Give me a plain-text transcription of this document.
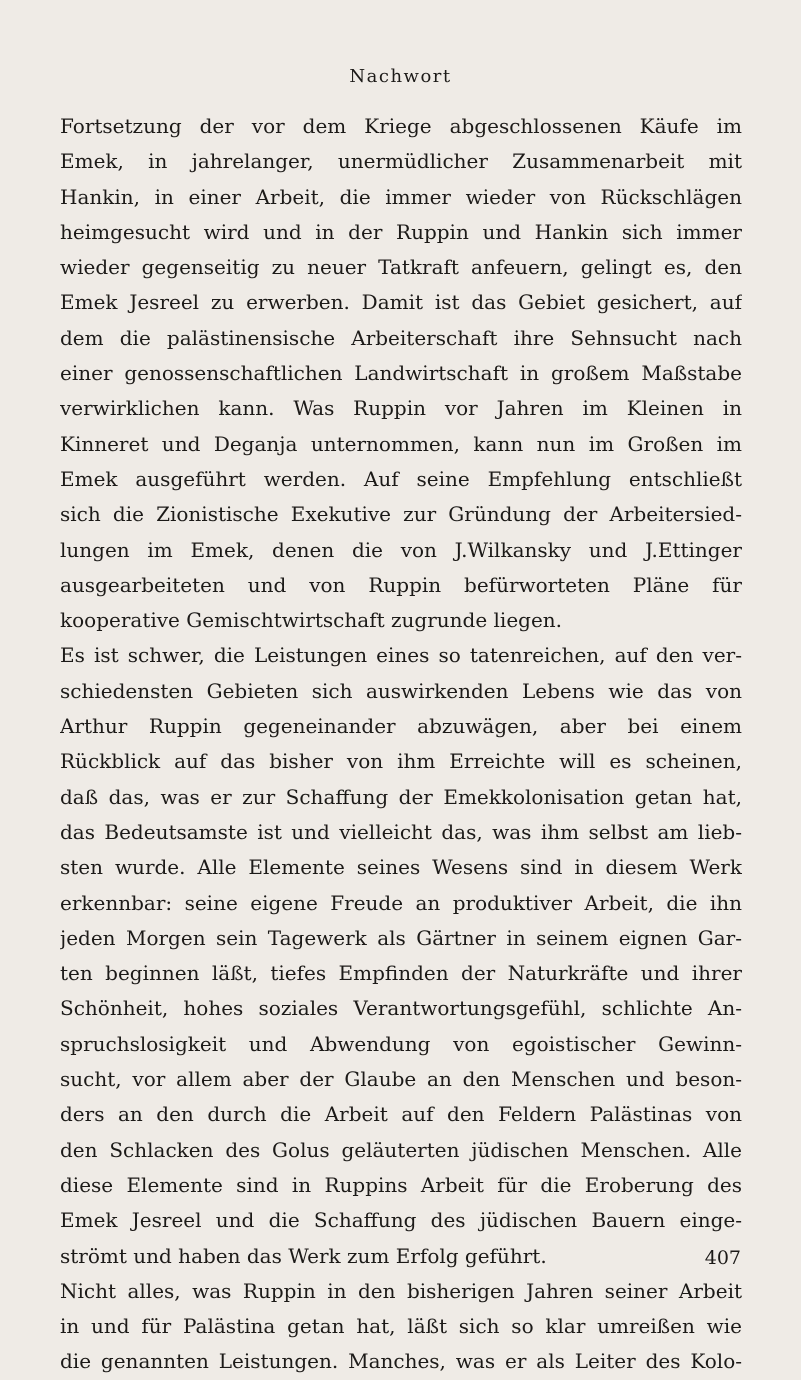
Nachwort
Fortsetzung der vor dem Kriege abgeschlossenen Käufe im
Emek, in jahrelanger, unermüdlicher Zusammenarbeit mit
Hankin, in einer Arbeit, die immer wieder von Rückschlägen
heimgesucht wird und in der Ruppin und Hankin sich immer
wieder gegenseitig zu neuer Tatkraft anfeuern, gelingt es, den
Emek Jesreel zu erwerben. Damit ist das Gebiet gesichert, auf
dem die palästinensische Arbeiterschaft ihre Sehnsucht nach
einer genossenschaftlichen Landwirtschaft in großem Maßstabe
verwirklichen kann. Was Ruppin vor Jahren im Kleinen in
Kinneret und Deganja unternommen, kann nun im Großen im
Emek ausgeführt werden. Auf seine Empfehlung entschließt
sich die Zionistische Exekutive zur Gründung der Arbeitersied-
lungen im Emek, denen die von J.Wilkansky und J.Ettinger
ausgearbeiteten und von Ruppin befürworteten Pläne für
kooperative Gemischtwirtschaft zugrunde liegen.
Es ist schwer, die Leistungen eines so tatenreichen, auf den ver-
schiedensten Gebieten sich auswirkenden Lebens wie das von
Arthur Ruppin gegeneinander abzuwägen, aber bei einem
Rückblick auf das bisher von ihm Erreichte will es scheinen,
daß das, was er zur Schaffung der Emekkolonisation getan hat,
das Bedeutsamste ist und vielleicht das, was ihm selbst am lieb-
sten wurde. Alle Elemente seines Wesens sind in diesem Werk
erkennbar: seine eigene Freude an produktiver Arbeit, die ihn
jeden Morgen sein Tagewerk als Gärtner in seinem eignen Gar-
ten beginnen läßt, tiefes Empfinden der Naturkräfte und ihrer
Schönheit, hohes soziales Verantwortungsgefühl, schlichte An-
spruchslosigkeit und Abwendung von egoistischer Gewinn-
sucht, vor allem aber der Glaube an den Menschen und beson-
ders an den durch die Arbeit auf den Feldern Palästinas von
den Schlacken des Golus geläuterten jüdischen Menschen. Alle
diese Elemente sind in Ruppins Arbeit für die Eroberung des
Emek Jesreel und die Schaffung des jüdischen Bauern einge-
strömt und haben das Werk zum Erfolg geführt.
Nicht alles, was Ruppin in den bisherigen Jahren seiner Arbeit
in und für Palästina getan hat, läßt sich so klar umreißen wie
die genannten Leistungen. Manches, was er als Leiter des Kolo-
407
